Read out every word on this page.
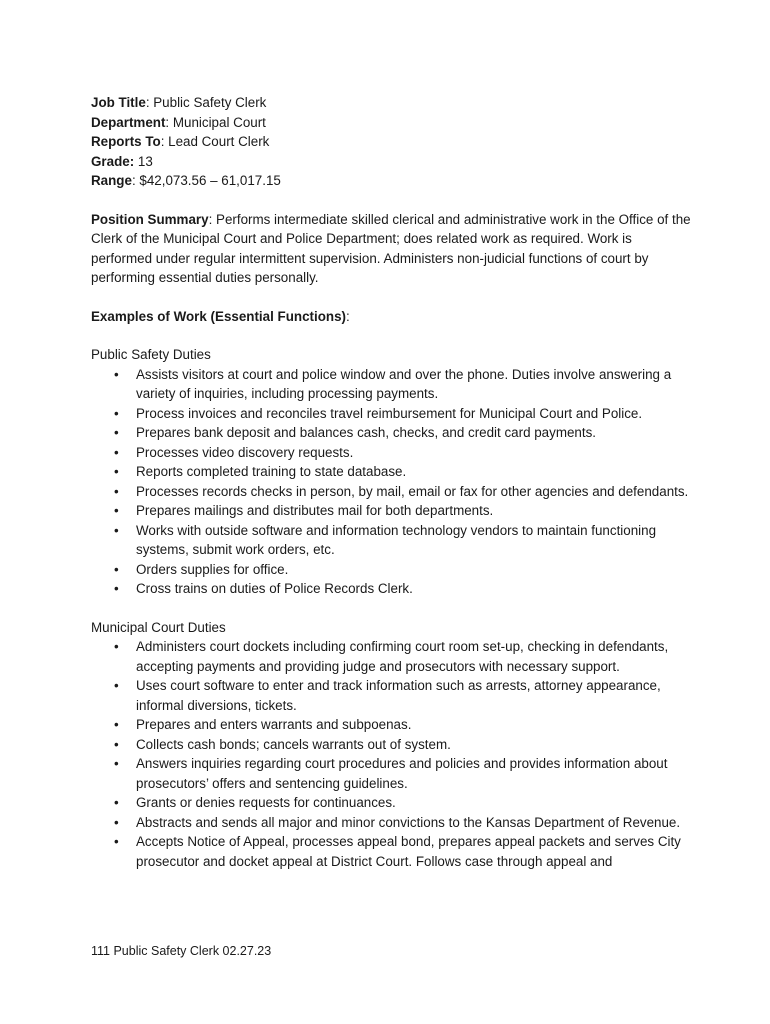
Job Title: Public Safety Clerk
Department: Municipal Court
Reports To: Lead Court Clerk
Grade: 13
Range: $42,073.56 – 61,017.15
Position Summary: Performs intermediate skilled clerical and administrative work in the Office of the Clerk of the Municipal Court and Police Department; does related work as required. Work is performed under regular intermittent supervision. Administers non-judicial functions of court by performing essential duties personally.
Examples of Work (Essential Functions):
Public Safety Duties
• Assists visitors at court and police window and over the phone. Duties involve answering a variety of inquiries, including processing payments.
• Process invoices and reconciles travel reimbursement for Municipal Court and Police.
• Prepares bank deposit and balances cash, checks, and credit card payments.
• Processes video discovery requests.
• Reports completed training to state database.
• Processes records checks in person, by mail, email or fax for other agencies and defendants.
• Prepares mailings and distributes mail for both departments.
• Works with outside software and information technology vendors to maintain functioning systems, submit work orders, etc.
• Orders supplies for office.
• Cross trains on duties of Police Records Clerk.
Municipal Court Duties
• Administers court dockets including confirming court room set-up, checking in defendants, accepting payments and providing judge and prosecutors with necessary support.
• Uses court software to enter and track information such as arrests, attorney appearance, informal diversions, tickets.
• Prepares and enters warrants and subpoenas.
• Collects cash bonds; cancels warrants out of system.
• Answers inquiries regarding court procedures and policies and provides information about prosecutors’ offers and sentencing guidelines.
• Grants or denies requests for continuances.
• Abstracts and sends all major and minor convictions to the Kansas Department of Revenue.
• Accepts Notice of Appeal, processes appeal bond, prepares appeal packets and serves City prosecutor and docket appeal at District Court. Follows case through appeal and
111 Public Safety Clerk 02.27.23
